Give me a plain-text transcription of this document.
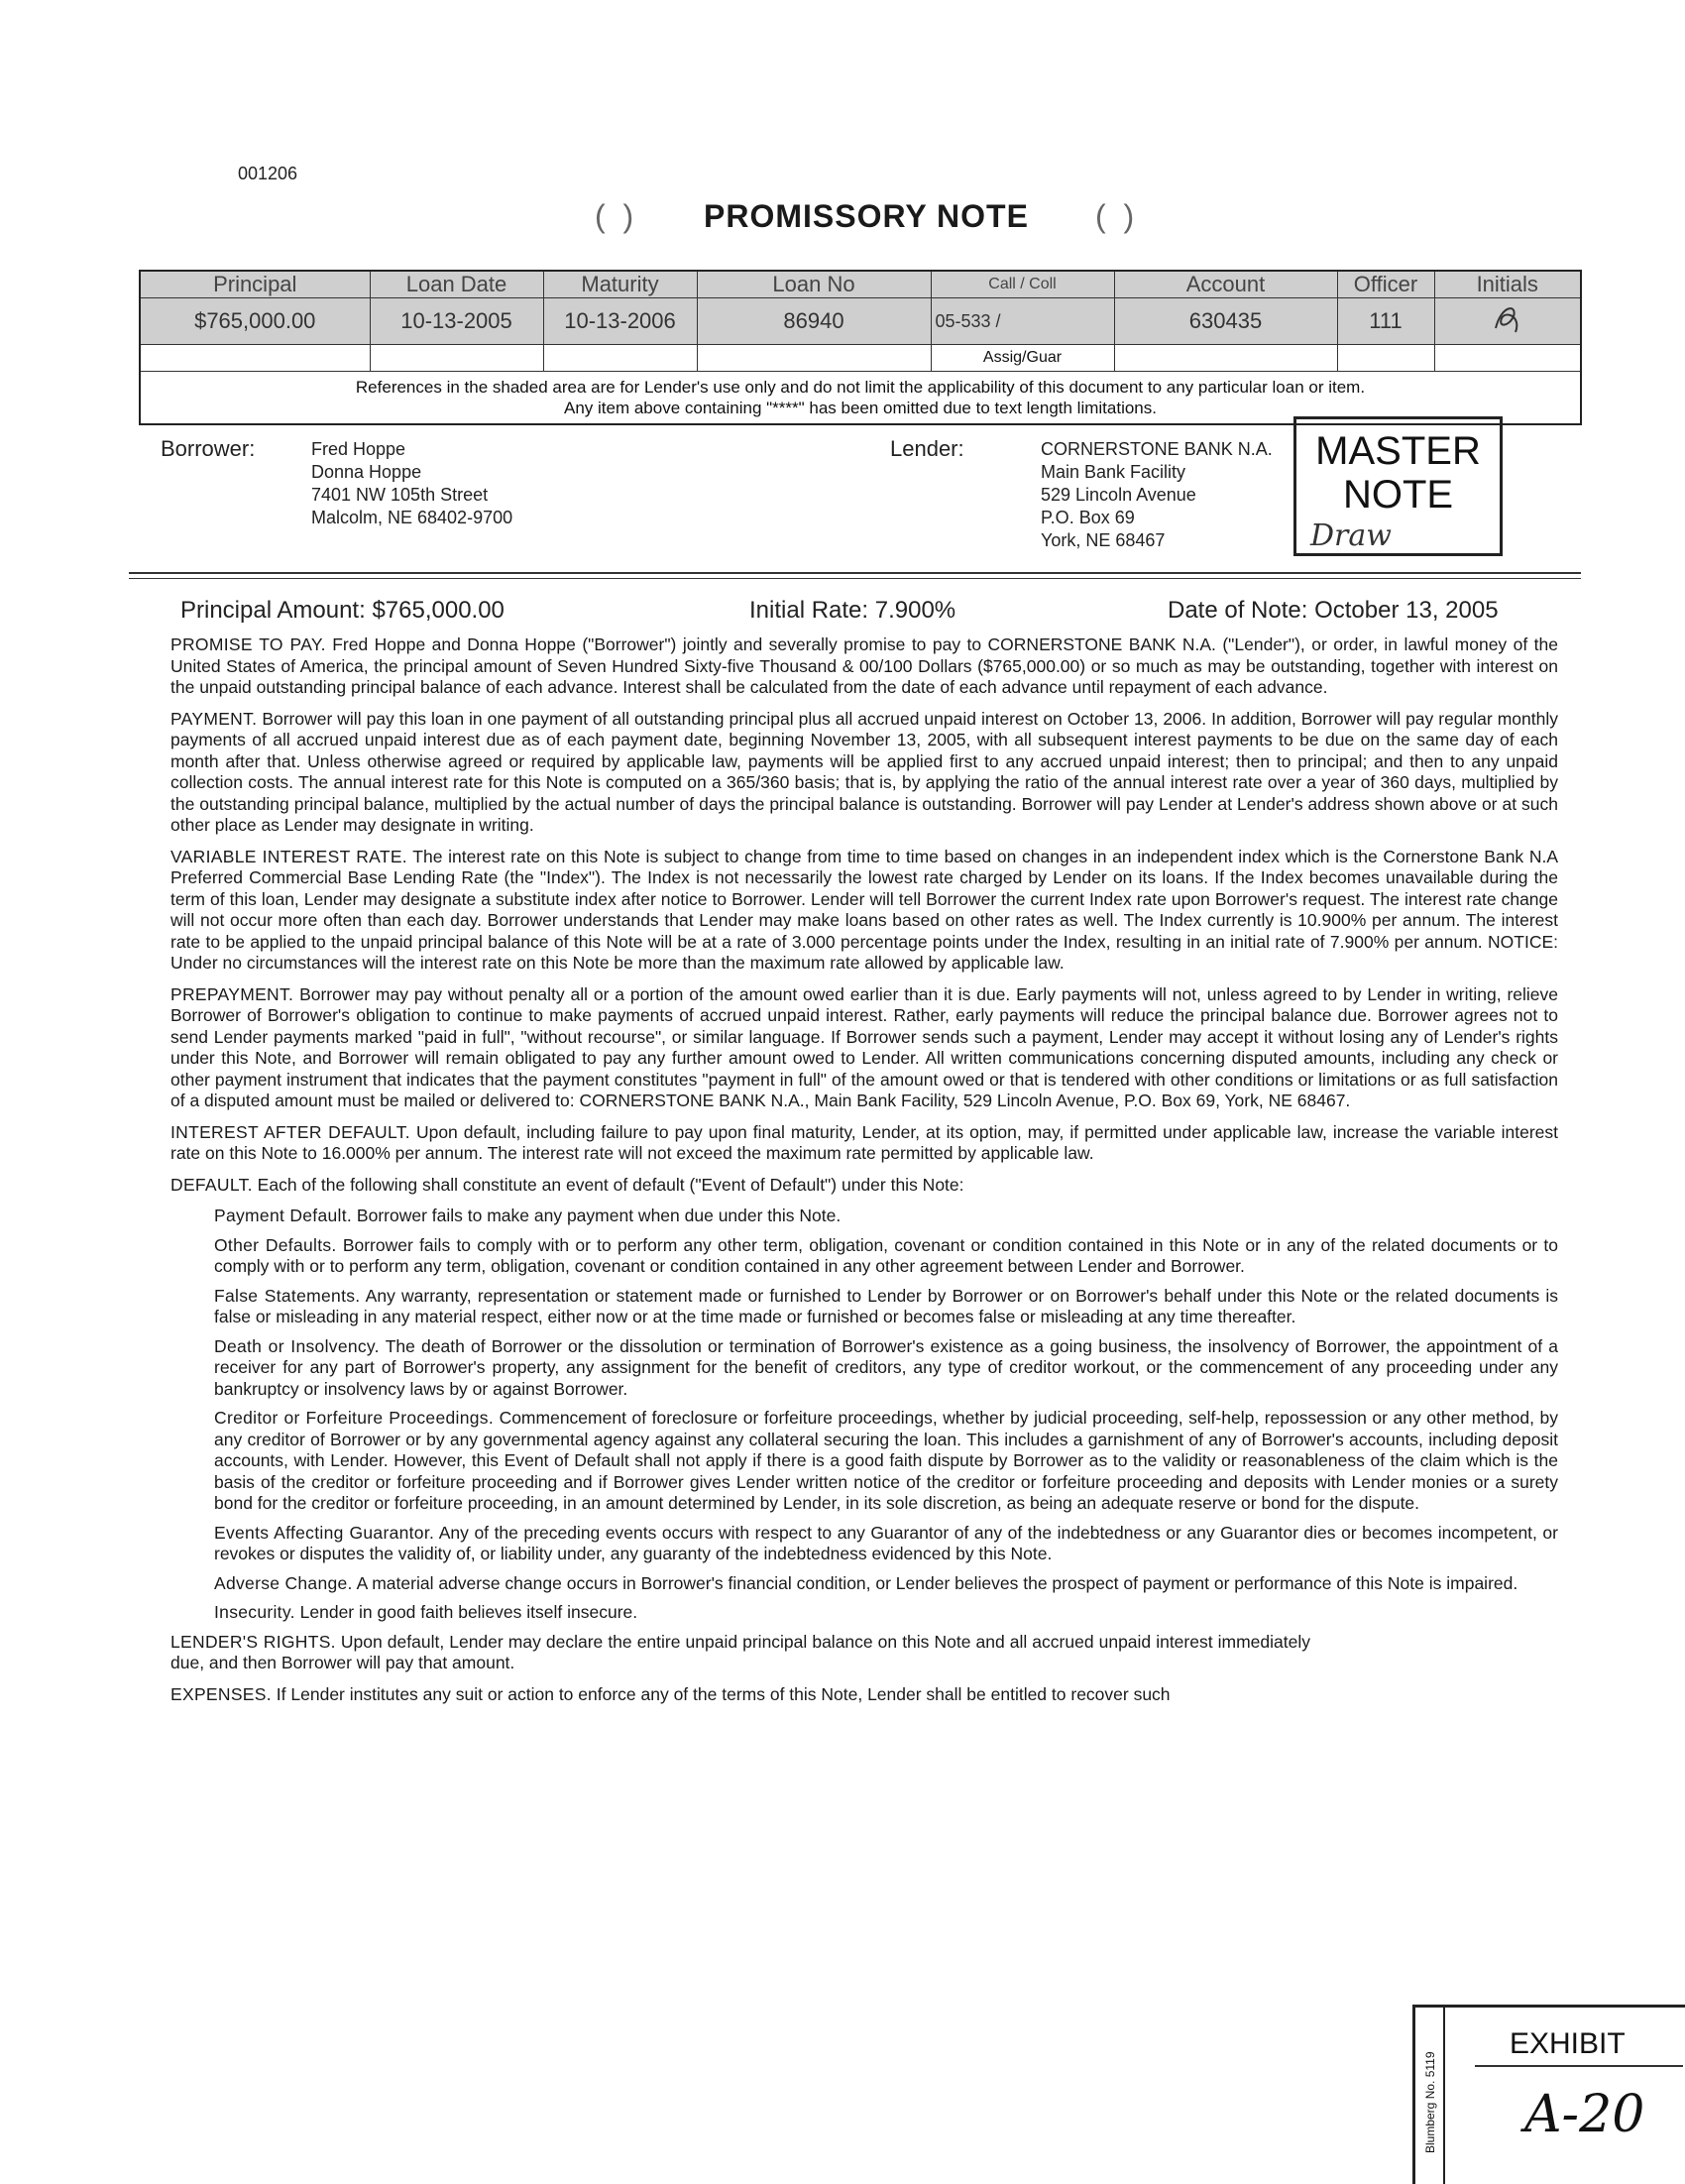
001206
(  ) PROMISSORY NOTE (  )
Principal	Loan Date	Maturity	Loan No	Call / Coll	Account	Officer	Initials
$765,000.00	10-13-2005	10-13-2006	86940	05-533 /	630435	111	
				Assig/Guar			

References in the shaded area are for Lender's use only and do not limit the applicability of this document to any particular loan or item.
Any item above containing "****" has been omitted due to text length limitations.							
Borrower:	Fred Hoppe
Donna Hoppe
7401 NW 105th Street
Malcolm, NE 68402-9700
Lender:	CORNERSTONE BANK N.A.
Main Bank Facility
529 Lincoln Avenue
P.O. Box 69
York, NE 68467
MASTER
NOTE
Draw
Principal Amount: $765,000.00	Initial Rate: 7.900%	Date of Note: October 13, 2005

PROMISE TO PAY. Fred Hoppe and Donna Hoppe ("Borrower") jointly and severally promise to pay to CORNERSTONE BANK N.A. ("Lender"), or order, in lawful money of the United States of America, the principal amount of Seven Hundred Sixty-five Thousand & 00/100 Dollars ($765,000.00) or so much as may be outstanding, together with interest on the unpaid outstanding principal balance of each advance. Interest shall be calculated from the date of each advance until repayment of each advance.

PAYMENT. Borrower will pay this loan in one payment of all outstanding principal plus all accrued unpaid interest on October 13, 2006. In addition, Borrower will pay regular monthly payments of all accrued unpaid interest due as of each payment date, beginning November 13, 2005, with all subsequent interest payments to be due on the same day of each month after that. Unless otherwise agreed or required by applicable law, payments will be applied first to any accrued unpaid interest; then to principal; and then to any unpaid collection costs. The annual interest rate for this Note is computed on a 365/360 basis; that is, by applying the ratio of the annual interest rate over a year of 360 days, multiplied by the outstanding principal balance, multiplied by the actual number of days the principal balance is outstanding. Borrower will pay Lender at Lender's address shown above or at such other place as Lender may designate in writing.

VARIABLE INTEREST RATE. The interest rate on this Note is subject to change from time to time based on changes in an independent index which is the Cornerstone Bank N.A Preferred Commercial Base Lending Rate (the "Index"). The Index is not necessarily the lowest rate charged by Lender on its loans. If the Index becomes unavailable during the term of this loan, Lender may designate a substitute index after notice to Borrower. Lender will tell Borrower the current Index rate upon Borrower's request. The interest rate change will not occur more often than each day. Borrower understands that Lender may make loans based on other rates as well. The Index currently is 10.900% per annum. The interest rate to be applied to the unpaid principal balance of this Note will be at a rate of 3.000 percentage points under the Index, resulting in an initial rate of 7.900% per annum. NOTICE: Under no circumstances will the interest rate on this Note be more than the maximum rate allowed by applicable law.

PREPAYMENT. Borrower may pay without penalty all or a portion of the amount owed earlier than it is due. Early payments will not, unless agreed to by Lender in writing, relieve Borrower of Borrower's obligation to continue to make payments of accrued unpaid interest. Rather, early payments will reduce the principal balance due. Borrower agrees not to send Lender payments marked "paid in full", "without recourse", or similar language. If Borrower sends such a payment, Lender may accept it without losing any of Lender's rights under this Note, and Borrower will remain obligated to pay any further amount owed to Lender. All written communications concerning disputed amounts, including any check or other payment instrument that indicates that the payment constitutes "payment in full" of the amount owed or that is tendered with other conditions or limitations or as full satisfaction of a disputed amount must be mailed or delivered to: CORNERSTONE BANK N.A., Main Bank Facility, 529 Lincoln Avenue, P.O. Box 69, York, NE 68467.

INTEREST AFTER DEFAULT. Upon default, including failure to pay upon final maturity, Lender, at its option, may, if permitted under applicable law, increase the variable interest rate on this Note to 16.000% per annum. The interest rate will not exceed the maximum rate permitted by applicable law.

DEFAULT. Each of the following shall constitute an event of default ("Event of Default") under this Note:

Payment Default. Borrower fails to make any payment when due under this Note.

Other Defaults. Borrower fails to comply with or to perform any other term, obligation, covenant or condition contained in this Note or in any of the related documents or to comply with or to perform any term, obligation, covenant or condition contained in any other agreement between Lender and Borrower.

False Statements. Any warranty, representation or statement made or furnished to Lender by Borrower or on Borrower's behalf under this Note or the related documents is false or misleading in any material respect, either now or at the time made or furnished or becomes false or misleading at any time thereafter.

Death or Insolvency. The death of Borrower or the dissolution or termination of Borrower's existence as a going business, the insolvency of Borrower, the appointment of a receiver for any part of Borrower's property, any assignment for the benefit of creditors, any type of creditor workout, or the commencement of any proceeding under any bankruptcy or insolvency laws by or against Borrower.

Creditor or Forfeiture Proceedings. Commencement of foreclosure or forfeiture proceedings, whether by judicial proceeding, self-help, repossession or any other method, by any creditor of Borrower or by any governmental agency against any collateral securing the loan. This includes a garnishment of any of Borrower's accounts, including deposit accounts, with Lender. However, this Event of Default shall not apply if there is a good faith dispute by Borrower as to the validity or reasonableness of the claim which is the basis of the creditor or forfeiture proceeding and if Borrower gives Lender written notice of the creditor or forfeiture proceeding and deposits with Lender monies or a surety bond for the creditor or forfeiture proceeding, in an amount determined by Lender, in its sole discretion, as being an adequate reserve or bond for the dispute.

Events Affecting Guarantor. Any of the preceding events occurs with respect to any Guarantor of any of the indebtedness or any Guarantor dies or becomes incompetent, or revokes or disputes the validity of, or liability under, any guaranty of the indebtedness evidenced by this Note.

Adverse Change. A material adverse change occurs in Borrower's financial condition, or Lender believes the prospect of payment or performance of this Note is impaired.

Insecurity. Lender in good faith believes itself insecure.

LENDER'S RIGHTS. Upon default, Lender may declare the entire unpaid principal balance on this Note and all accrued unpaid interest immediately due, and then Borrower will pay that amount.

EXPENSES. If Lender institutes any suit or action to enforce any of the terms of this Note, Lender shall be entitled to recover such

Blumberg No. 5119
EXHIBIT
A-20
